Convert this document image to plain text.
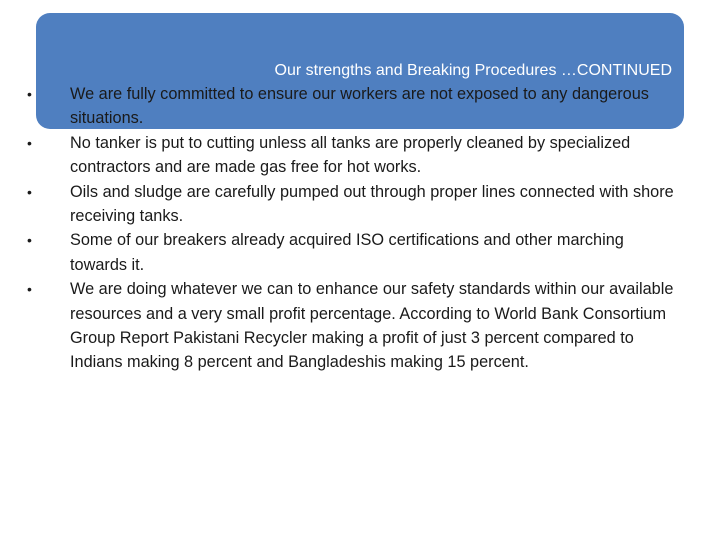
Our strengths and Breaking Procedures …CONTINUED
• We are fully committed to ensure our workers are not exposed to any dangerous situations.
• No tanker is put to cutting unless all tanks are properly cleaned by specialized contractors and are made gas free for hot works.
• Oils and sludge are carefully pumped out through proper lines connected with shore receiving tanks.
• Some of our breakers already acquired ISO certifications and other marching towards it.
• We are doing whatever we can to enhance our safety standards within our available resources and a very small profit percentage. According to World Bank Consortium Group Report Pakistani Recycler making a profit of just 3 percent compared to Indians making 8 percent and Bangladeshis making 15 percent.
